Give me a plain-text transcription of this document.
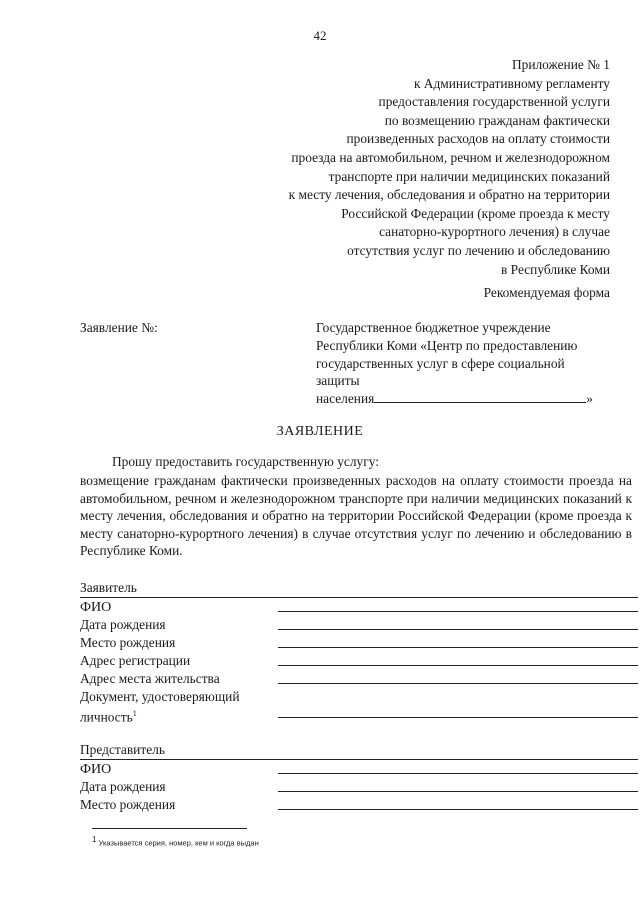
42
Приложение № 1
к Административному регламенту
предоставления государственной услуги
по возмещению гражданам фактически
произведенных расходов на оплату стоимости
проезда на автомобильном, речном и железнодорожном
транспорте при наличии медицинских показаний
к месту лечения, обследования и обратно на территории
Российской Федерации (кроме проезда к месту
санаторно-курортного лечения) в случае
отсутствия услуг по лечению и обследованию
в Республике Коми
Рекомендуемая форма
Заявление №:	Государственное бюджетное учреждение
Республики Коми «Центр по предоставлению
государственных услуг в сфере социальной
защиты
населения	»
ЗАЯВЛЕНИЕ
Прошу предоставить государственную услугу:
возмещение гражданам фактически произведенных расходов на оплату стоимости проезда на автомобильном, речном и железнодорожном транспорте при наличии медицинских показаний к месту лечения, обследования и обратно на территории Российской Федерации (кроме проезда к месту санаторно-курортного лечения) в случае отсутствия услуг по лечению и обследованию в Республике Коми.
Заявитель
ФИО
Дата рождения
Место рождения
Адрес регистрации
Адрес места жительства
Документ, удостоверяющий личность$^1$
Представитель
ФИО
Дата рождения
Место рождения
$^1$ Указывается серия, номер, кем и когда выдан
